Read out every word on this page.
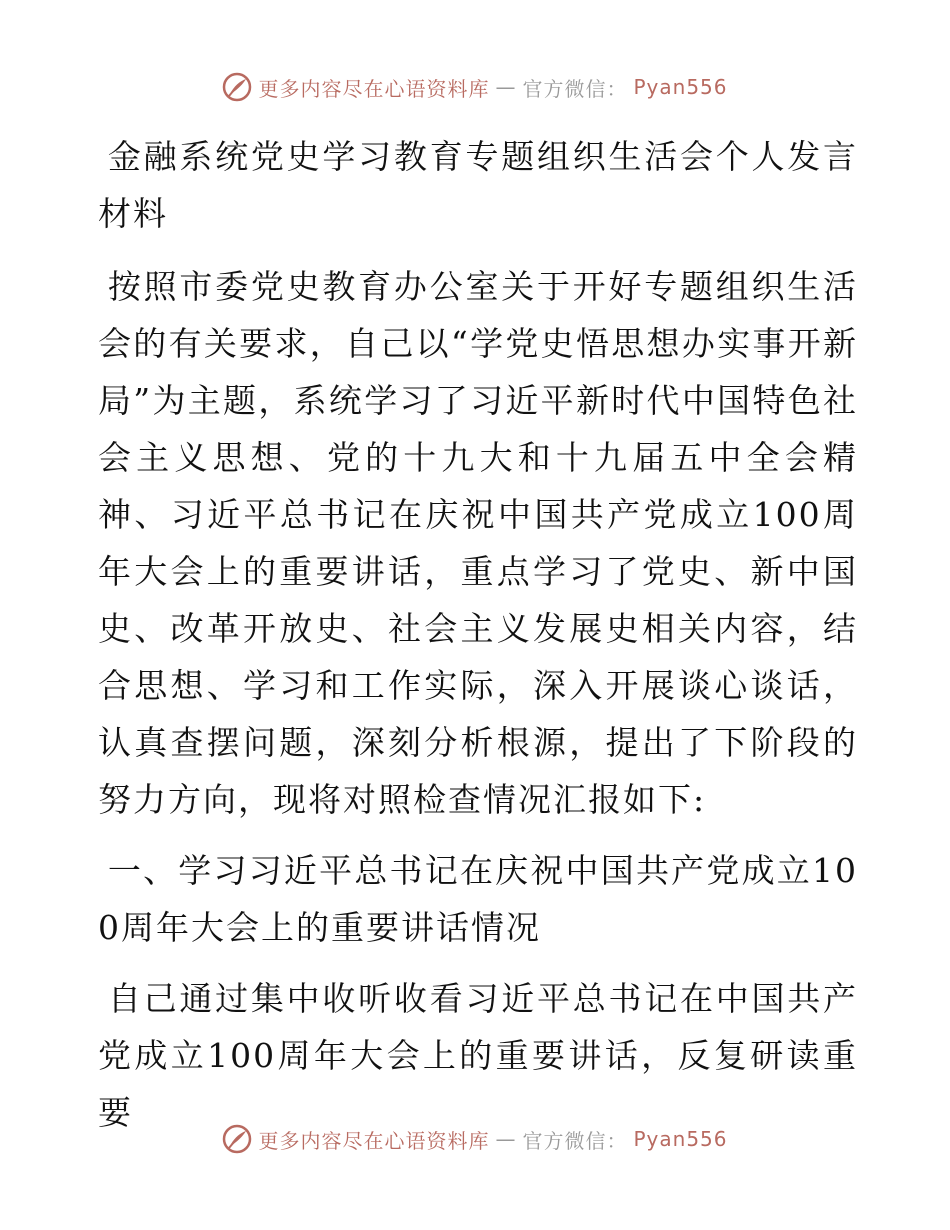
更多内容尽在心语资料库 — 官方微信： Pyan556

金融系统党史学习教育专题组织生活会个人发言材料

按照市委党史教育办公室关于开好专题组织生活会的有关要求，自己以“学党史悟思想办实事开新局”为主题，系统学习了习近平新时代中国特色社会主义思想、党的十九大和十九届五中全会精神、习近平总书记在庆祝中国共产党成立100周年大会上的重要讲话，重点学习了党史、新中国史、改革开放史、社会主义发展史相关内容，结合思想、学习和工作实际，深入开展谈心谈话，认真查摆问题，深刻分析根源，提出了下阶段的努力方向，现将对照检查情况汇报如下:

一、学习习近平总书记在庆祝中国共产党成立100周年大会上的重要讲话情况

自己通过集中收听收看习近平总书记在中国共产党成立100周年大会上的重要讲话，反复研读重要

更多内容尽在心语资料库 — 官方微信： Pyan556
